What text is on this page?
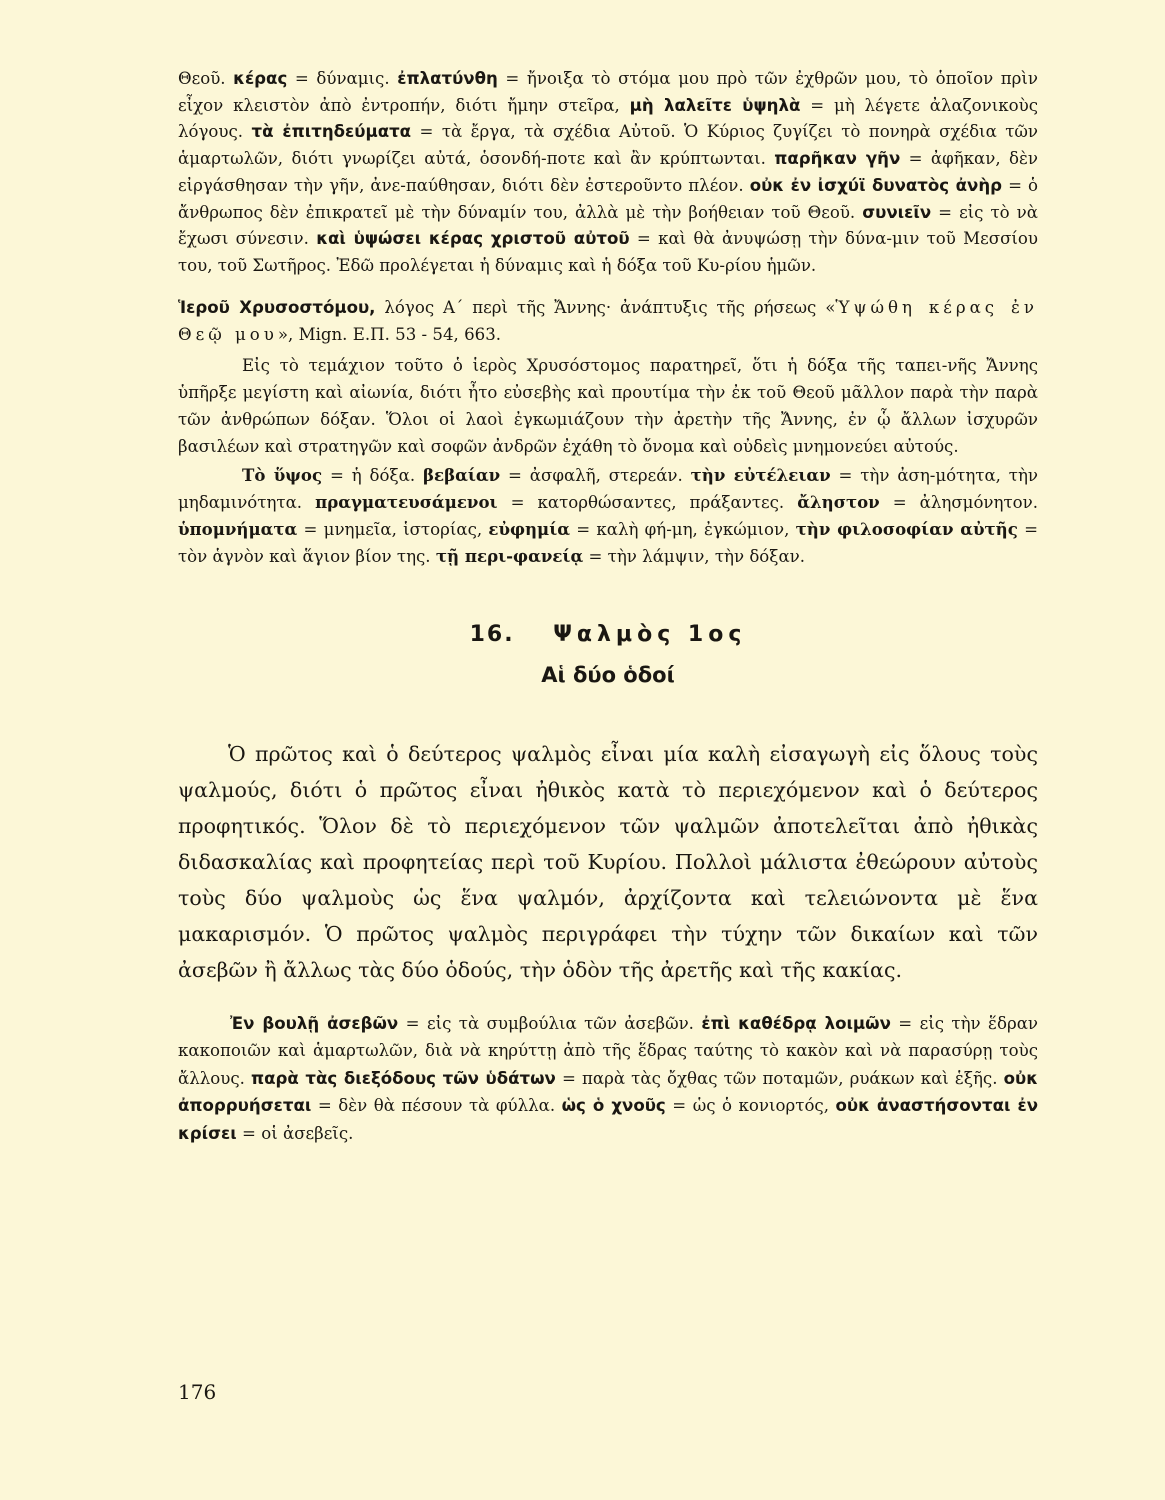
Θεοῦ. κέρας = δύναμις. ἐπλατύνθη = ἤνοιξα τὸ στόμα μου πρὸ τῶν ἐχθρῶν μου, τὸ ὁποῖον πρὶν εἶχον κλειστὸν ἀπὸ ἐντροπήν, διότι ἤμην στεῖρα, μὴ λαλεῖτε ὑψηλὰ = μὴ λέγετε ἀλαζονικοὺς λόγους. τὰ ἐπιτηδεύματα = τὰ ἔργα, τὰ σχέδια Αὐτοῦ. Ὁ Κύριος ζυγίζει τὸ πονηρὰ σχέδια τῶν ἁμαρτωλῶν, διότι γνωρίζει αὐτά, ὁσονδή-ποτε καὶ ἂν κρύπτωνται. παρῆκαν γῆν = ἀφῆκαν, δὲν εἰργάσθησαν τὴν γῆν, ἀνε-παύθησαν, διότι δὲν ἐστεροῦντο πλέον. οὐκ ἐν ἰσχύϊ δυνατὸς ἀνὴρ = ὁ ἄνθρωπος δὲν ἐπικρατεῖ μὲ τὴν δύναμίν του, ἀλλὰ μὲ τὴν βοήθειαν τοῦ Θεοῦ. συνιεῖν = εἰς τὸ νὰ ἔχωσι σύνεσιν. καὶ ὑψώσει κέρας χριστοῦ αὐτοῦ = καὶ θὰ ἀνυψώσῃ τὴν δύνα-μιν τοῦ Μεσσίου του, τοῦ Σωτῆρος. Ἐδῶ προλέγεται ἡ δύναμις καὶ ἡ δόξα τοῦ Κυ-ρίου ἡμῶν.

Ἱεροῦ Χρυσοστόμου, λόγος Α΄ περὶ τῆς Ἄννης· ἀνάπτυξις τῆς ρήσεως «Ὑψώθη κέρας ἐν Θεῷ μου», Mign. Ε.Π. 53 - 54, 663.

Εἰς τὸ τεμάχιον τοῦτο ὁ ἱερὸς Χρυσόστομος παρατηρεῖ, ὅτι ἡ δόξα τῆς ταπει-νῆς Ἄννης ὑπῆρξε μεγίστη καὶ αἰωνία, διότι ἦτο εὐσεβὴς καὶ προυτίμα τὴν ἐκ τοῦ Θεοῦ μᾶλλον παρὰ τὴν παρὰ τῶν ἀνθρώπων δόξαν. Ὅλοι οἱ λαοὶ ἐγκωμιάζουν τὴν ἀρετὴν τῆς Ἄννης, ἐν ᾧ ἄλλων ἰσχυρῶν βασιλέων καὶ στρατηγῶν καὶ σοφῶν ἀνδρῶν ἐχάθη τὸ ὄνομα καὶ οὐδεὶς μνημονεύει αὐτούς.

Τὸ ὕψος = ἡ δόξα. βεβαίαν = ἀσφαλῆ, στερεάν. τὴν εὐτέλειαν = τὴν ἀση-μότητα, τὴν μηδαμινότητα. πραγματευσάμενοι = κατορθώσαντες, πράξαντες. ἄληστον = ἀλησμόνητον. ὑπομνήματα = μνημεῖα, ἱστορίας, εὐφημία = καλὴ φή-μη, ἐγκώμιον, τὴν φιλοσοφίαν αὐτῆς = τὸν ἁγνὸν καὶ ἅγιον βίον της. τῇ περι-φανείᾳ = τὴν λάμψιν, τὴν δόξαν.

16. Ψαλμὸς 1ος
Αἱ δύο ὁδοί

Ὁ πρῶτος καὶ ὁ δεύτερος ψαλμὸς εἶναι μία καλὴ εἰσαγωγὴ εἰς ὅλους τοὺς ψαλμούς, διότι ὁ πρῶτος εἶναι ἠθικὸς κατὰ τὸ περιεχόμενον καὶ ὁ δεύτερος προφητικός. Ὅλον δὲ τὸ περιεχόμενον τῶν ψαλμῶν ἀποτελεῖται ἀπὸ ἠθικὰς διδασκαλίας καὶ προφητείας περὶ τοῦ Κυρίου. Πολλοὶ μάλιστα ἐθεώρουν αὐτοὺς τοὺς δύο ψαλμοὺς ὡς ἕνα ψαλμόν, ἀρχίζοντα καὶ τελειώνοντα μὲ ἕνα μακαρισμόν. Ὁ πρῶτος ψαλμὸς περιγράφει τὴν τύχην τῶν δικαίων καὶ τῶν ἀσεβῶν ἢ ἄλλως τὰς δύο ὁδούς, τὴν ὁδὸν τῆς ἀρετῆς καὶ τῆς κακίας.

Ἐν βουλῇ ἀσεβῶν = εἰς τὰ συμβούλια τῶν ἀσεβῶν. ἐπὶ καθέδρᾳ λοιμῶν = εἰς τὴν ἕδραν κακοποιῶν καὶ ἁμαρτωλῶν, διὰ νὰ κηρύττῃ ἀπὸ τῆς ἕδρας ταύτης τὸ κακὸν καὶ νὰ παρασύρῃ τοὺς ἄλλους. παρὰ τὰς διεξόδους τῶν ὑδάτων = παρὰ τὰς ὄχθας τῶν ποταμῶν, ρυάκων καὶ ἑξῆς. οὐκ ἀπορρυήσεται = δὲν θὰ πέσουν τὰ φύλλα. ὡς ὁ χνοῦς = ὡς ὁ κονιορτός, οὐκ ἀναστήσονται ἐν κρίσει = οἱ ἀσεβεῖς.

176
